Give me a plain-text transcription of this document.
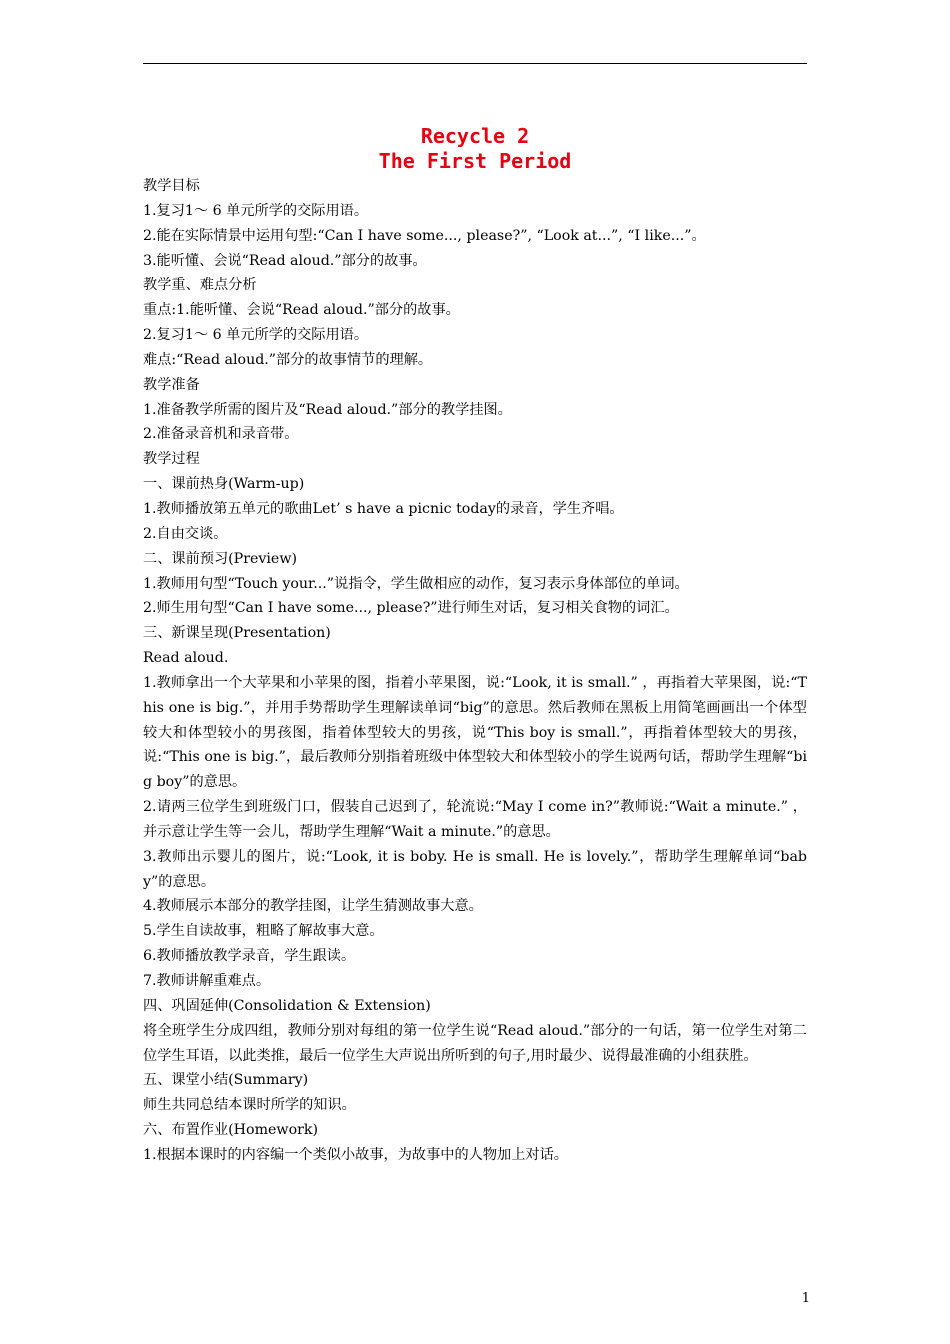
Recycle 2
The First Period

教学目标

1.复习1～ 6 单元所学的交际用语。

2.能在实际情景中运用句型:“Can I have some..., please?”, “Look at...”, “I like...”。

3.能听懂、会说“Read aloud.”部分的故事。

教学重、难点分析

重点:1.能听懂、会说“Read aloud.”部分的故事。

2.复习1～ 6 单元所学的交际用语。

难点:“Read aloud.”部分的故事情节的理解。

教学准备

1.准备教学所需的图片及“Read aloud.”部分的教学挂图。

2.准备录音机和录音带。

教学过程

一、课前热身(Warm-up)

1.教师播放第五单元的歌曲Let’ s have a picnic today的录音，学生齐唱。

2.自由交谈。

二、课前预习(Preview)

1.教师用句型“Touch your...”说指令，学生做相应的动作，复习表示身体部位的单词。

2.师生用句型“Can I have some..., please?”进行师生对话，复习相关食物的词汇。

三、新课呈现(Presentation)

Read aloud.

1.教师拿出一个大苹果和小苹果的图，指着小苹果图，说:“Look, it is small.” ，再指着大苹果图，说:“This one is big.”，并用手势帮助学生理解读单词“big”的意思。然后教师在黑板上用简笔画画出一个体型较大和体型较小的男孩图，指着体型较大的男孩，说“This boy is small.”，再指着体型较大的男孩，说:“This one is big.”，最后教师分别指着班级中体型较大和体型较小的学生说两句话，帮助学生理解“big boy”的意思。

2.请两三位学生到班级门口，假装自己迟到了，轮流说:“May I come in?”教师说:“Wait a minute.” ，并示意让学生等一会儿，帮助学生理解“Wait a minute.”的意思。

3.教师出示婴儿的图片，说:“Look, it is boby. He is small. He is lovely.”，帮助学生理解单词“baby”的意思。

4.教师展示本部分的教学挂图，让学生猜测故事大意。

5.学生自读故事，粗略了解故事大意。

6.教师播放教学录音，学生跟读。

7.教师讲解重难点。

四、巩固延伸(Consolidation & Extension)

将全班学生分成四组，教师分别对每组的第一位学生说“Read aloud.”部分的一句话，第一位学生对第二位学生耳语，以此类推，最后一位学生大声说出所听到的句子,用时最少、说得最准确的小组获胜。

五、课堂小结(Summary)

师生共同总结本课时所学的知识。

六、布置作业(Homework)

1.根据本课时的内容编一个类似小故事，为故事中的人物加上对话。

1
